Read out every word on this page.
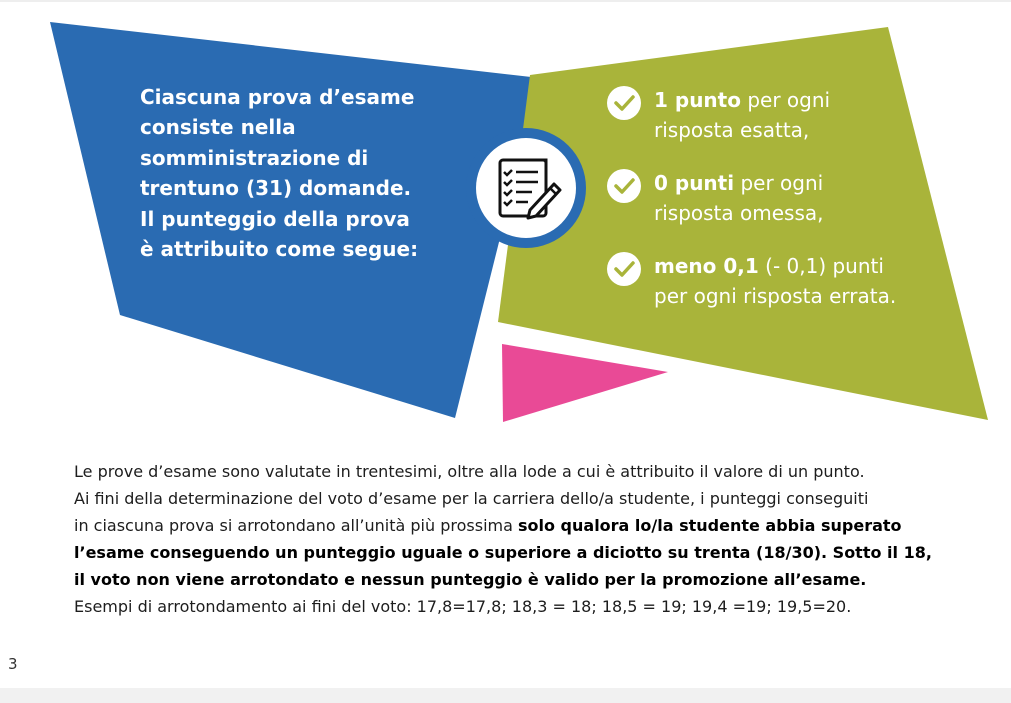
Ciascuna prova d’esame
consiste nella
somministrazione di
trentuno (31) domande.
Il punteggio della prova
è attribuito come segue:
1 punto per ogni
risposta esatta,
0 punti per ogni
risposta omessa,
meno 0,1 (- 0,1) punti
per ogni risposta errata.
Le prove d’esame sono valutate in trentesimi, oltre alla lode a cui è attribuito il valore di un punto.
Ai fini della determinazione del voto d’esame per la carriera dello/a studente, i punteggi conseguiti
in ciascuna prova si arrotondano all’unità più prossima solo qualora lo/la studente abbia superato
l’esame conseguendo un punteggio uguale o superiore a diciotto su trenta (18/30). Sotto il 18,
il voto non viene arrotondato e nessun punteggio è valido per la promozione all’esame.
Esempi di arrotondamento ai fini del voto: 17,8=17,8; 18,3 = 18; 18,5 = 19; 19,4 =19; 19,5=20.
3
